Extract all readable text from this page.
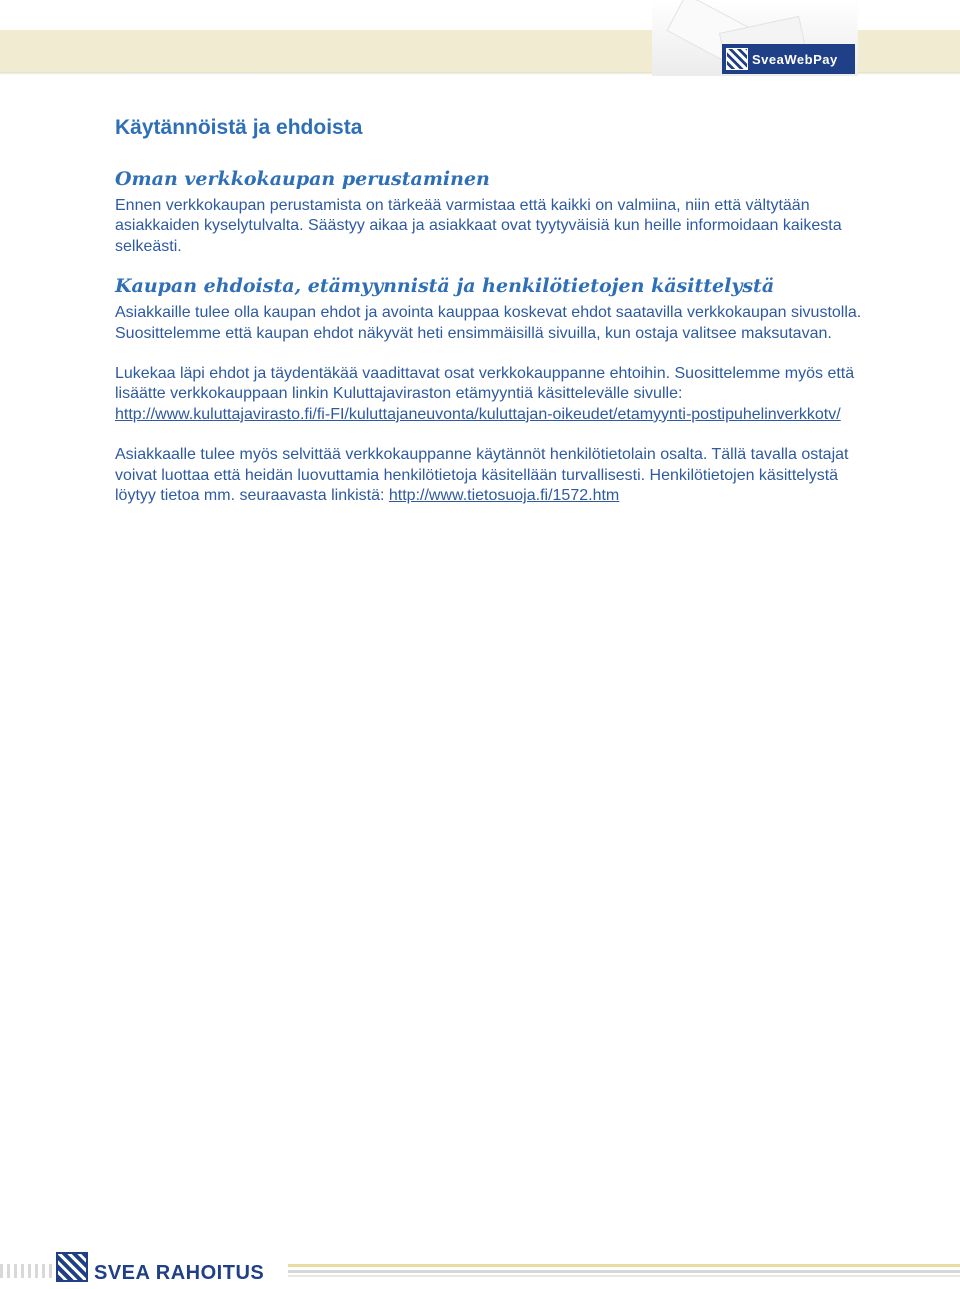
SveaWebPay
Käytännöistä ja ehdoista
Oman verkkokaupan perustaminen

Ennen verkkokaupan perustamista on tärkeää varmistaa että kaikki on valmiina, niin että vältytään asiakkaiden kyselytulvalta. Säästyy aikaa ja asiakkaat ovat tyytyväisiä kun heille informoidaan kaikesta selkeästi.

Kaupan ehdoista, etämyynnistä ja henkilötietojen käsittelystä

Asiakkaille tulee olla kaupan ehdot ja avointa kauppaa koskevat ehdot saatavilla verkkokaupan sivustolla. Suosittelemme että kaupan ehdot näkyvät heti ensimmäisillä sivuilla, kun ostaja valitsee maksutavan.

Lukekaa läpi ehdot ja täydentäkää vaadittavat osat verkkokauppanne ehtoihin. Suosittelemme myös että lisäätte verkkokauppaan linkin Kuluttajaviraston etämyyntiä käsittelevälle sivulle: http://www.kuluttajavirasto.fi/fi-FI/kuluttajaneuvonta/kuluttajan-oikeudet/etamyynti-postipuhelinverkkotv/

Asiakkaalle tulee myös selvittää verkkokauppanne käytännöt henkilötietolain osalta. Tällä tavalla ostajat voivat luottaa että heidän luovuttamia henkilötietoja käsitellään turvallisesti. Henkilötietojen käsittelystä löytyy tietoa mm. seuraavasta linkistä: http://www.tietosuoja.fi/1572.htm

SVEA RAHOITUS
